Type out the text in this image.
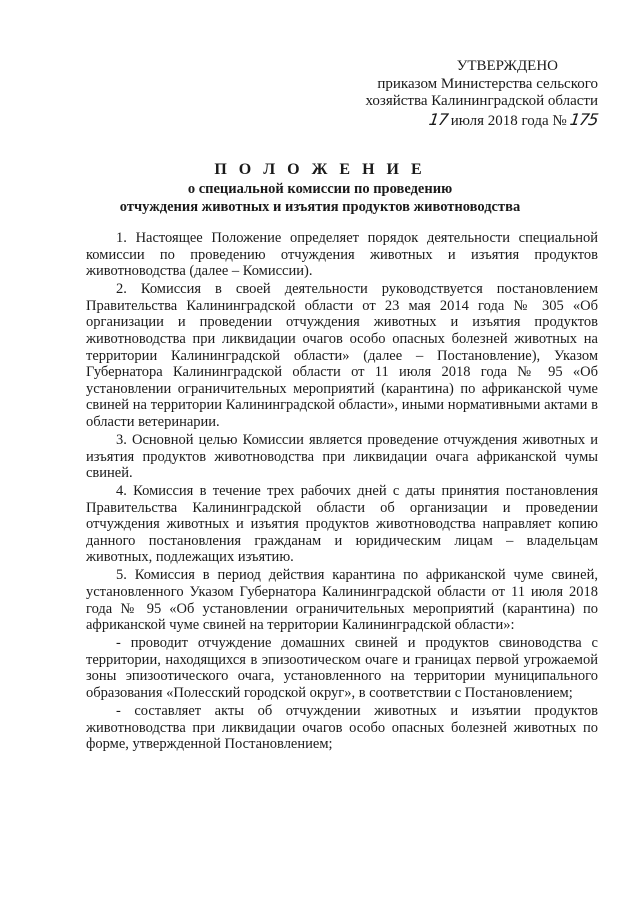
УТВЕРЖДЕНО
приказом Министерства сельского
хозяйства Калининградской области
17 июля 2018 года № 175
П О Л О Ж Е Н И Е
о специальной комиссии по проведению
отчуждения животных и изъятия продуктов животноводства

1. Настоящее Положение определяет порядок деятельности специальной комиссии по проведению отчуждения животных и изъятия продуктов животноводства (далее – Комиссии).

2. Комиссия в своей деятельности руководствуется постановлением Правительства Калининградской области от 23 мая 2014 года № 305 «Об организации и проведении отчуждения животных и изъятия продуктов животноводства при ликвидации очагов особо опасных болезней животных на территории Калининградской области» (далее – Постановление), Указом Губернатора Калининградской области от 11 июля 2018 года № 95 «Об установлении ограничительных мероприятий (карантина) по африканской чуме свиней на территории Калининградской области», иными нормативными актами в области ветеринарии.

3. Основной целью Комиссии является проведение отчуждения животных и изъятия продуктов животноводства при ликвидации очага африканской чумы свиней.

4. Комиссия в течение трех рабочих дней с даты принятия постановления Правительства Калининградской области об организации и проведении отчуждения животных и изъятия продуктов животноводства направляет копию данного постановления гражданам и юридическим лицам – владельцам животных, подлежащих изъятию.

5. Комиссия в период действия карантина по африканской чуме свиней, установленного Указом Губернатора Калининградской области от 11 июля 2018 года № 95 «Об установлении ограничительных мероприятий (карантина) по африканской чуме свиней на территории Калининградской области»:

- проводит отчуждение домашних свиней и продуктов свиноводства с территории, находящихся в эпизоотическом очаге и границах первой угрожаемой зоны эпизоотического очага, установленного на территории муниципального образования «Полесский городской округ», в соответствии с Постановлением;

- составляет акты об отчуждении животных и изъятии продуктов животноводства при ликвидации очагов особо опасных болезней животных по форме, утвержденной Постановлением;
